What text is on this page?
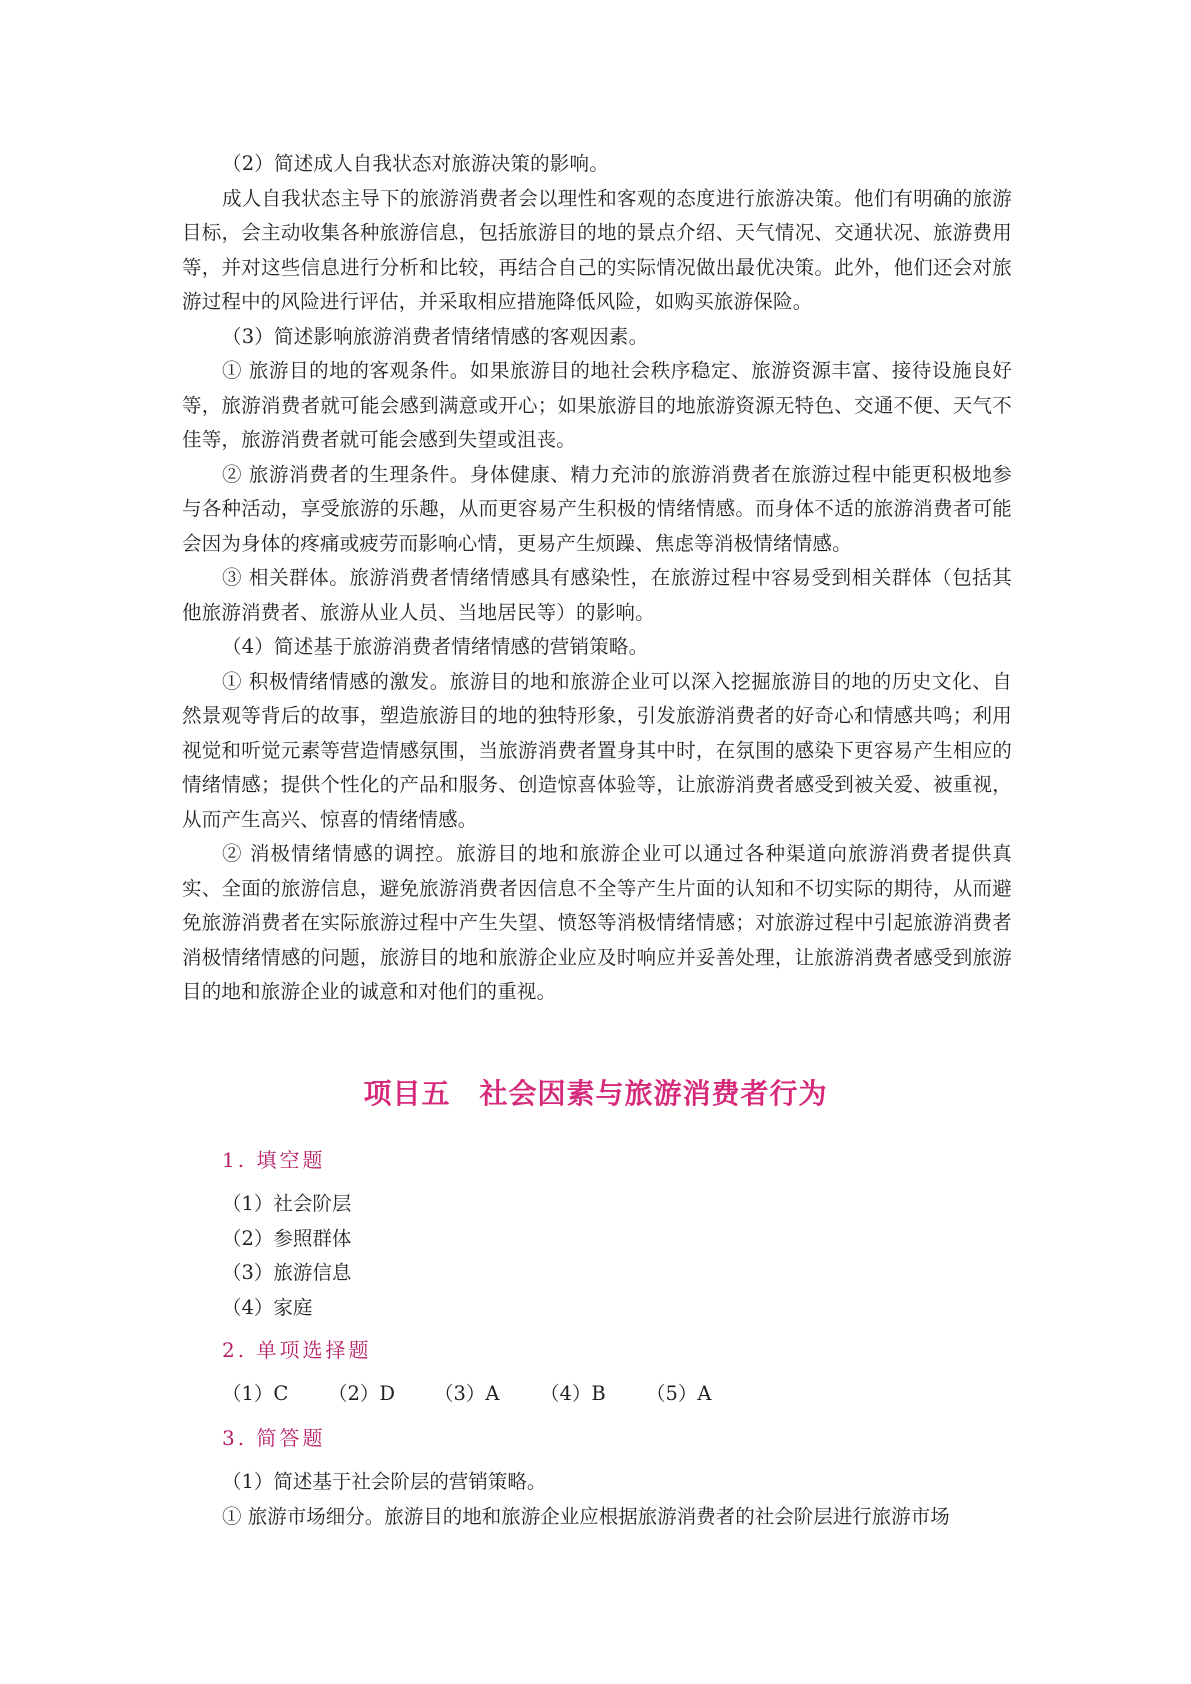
（2）简述成人自我状态对旅游决策的影响。

成人自我状态主导下的旅游消费者会以理性和客观的态度进行旅游决策。他们有明确的旅游目标，会主动收集各种旅游信息，包括旅游目的地的景点介绍、天气情况、交通状况、旅游费用等，并对这些信息进行分析和比较，再结合自己的实际情况做出最优决策。此外，他们还会对旅游过程中的风险进行评估，并采取相应措施降低风险，如购买旅游保险。

（3）简述影响旅游消费者情绪情感的客观因素。

① 旅游目的地的客观条件。如果旅游目的地社会秩序稳定、旅游资源丰富、接待设施良好等，旅游消费者就可能会感到满意或开心；如果旅游目的地旅游资源无特色、交通不便、天气不佳等，旅游消费者就可能会感到失望或沮丧。

② 旅游消费者的生理条件。身体健康、精力充沛的旅游消费者在旅游过程中能更积极地参与各种活动，享受旅游的乐趣，从而更容易产生积极的情绪情感。而身体不适的旅游消费者可能会因为身体的疼痛或疲劳而影响心情，更易产生烦躁、焦虑等消极情绪情感。

③ 相关群体。旅游消费者情绪情感具有感染性，在旅游过程中容易受到相关群体（包括其他旅游消费者、旅游从业人员、当地居民等）的影响。

（4）简述基于旅游消费者情绪情感的营销策略。

① 积极情绪情感的激发。旅游目的地和旅游企业可以深入挖掘旅游目的地的历史文化、自然景观等背后的故事，塑造旅游目的地的独特形象，引发旅游消费者的好奇心和情感共鸣；利用视觉和听觉元素等营造情感氛围，当旅游消费者置身其中时，在氛围的感染下更容易产生相应的情绪情感；提供个性化的产品和服务、创造惊喜体验等，让旅游消费者感受到被关爱、被重视，从而产生高兴、惊喜的情绪情感。

② 消极情绪情感的调控。旅游目的地和旅游企业可以通过各种渠道向旅游消费者提供真实、全面的旅游信息，避免旅游消费者因信息不全等产生片面的认知和不切实际的期待，从而避免旅游消费者在实际旅游过程中产生失望、愤怒等消极情绪情感；对旅游过程中引起旅游消费者消极情绪情感的问题，旅游目的地和旅游企业应及时响应并妥善处理，让旅游消费者感受到旅游目的地和旅游企业的诚意和对他们的重视。

项目五　社会因素与旅游消费者行为

1. 填空题

（1）社会阶层

（2）参照群体

（3）旅游信息

（4）家庭

2. 单项选择题

（1）C	（2）D	（3）A	（4）B	（5）A

3. 简答题

（1）简述基于社会阶层的营销策略。

① 旅游市场细分。旅游目的地和旅游企业应根据旅游消费者的社会阶层进行旅游市场
